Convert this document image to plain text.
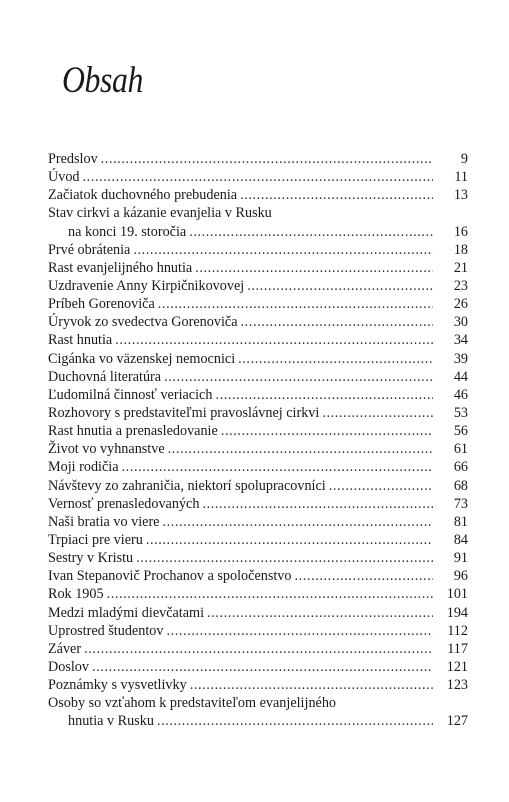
Obsah
Predslov .....	9
Úvod .....	11
Začiatok duchovného prebudenia .....	13
Stav cirkvi a kázanie evanjelia v Rusku
na konci 19. storočia .....	16
Prvé obrátenia .....	18
Rast evanjelijného hnutia .....	21
Uzdravenie Anny Kirpičnikovovej .....	23
Príbeh Gorenoviča .....	26
Úryvok zo svedectva Gorenoviča .....	30
Rast hnutia .....	34
Cigánka vo väzenskej nemocnici .....	39
Duchovná literatúra .....	44
Ľudomilná činnosť veriacich .....	46
Rozhovory s predstaviteľmi pravoslávnej cirkvi .....	53
Rast hnutia a prenasledovanie .....	56
Život vo vyhnanstve .....	61
Moji rodičia .....	66
Návštevy zo zahraničia, niektorí spolupracovníci .....	68
Vernosť prenasledovaných .....	73
Naši bratia vo viere .....	81
Trpiaci pre vieru .....	84
Sestry v Kristu .....	91
Ivan Stepanovič Prochanov a spoločenstvo .....	96
Rok 1905 .....	101
Medzi mladými dievčatami .....	194
Uprostred študentov .....	112
Záver .....	117
Doslov .....	121
Poznámky s vysvetlivky .....	123
Osoby so vzťahom k predstaviteľom evanjelijného
hnutia v Rusku .....	127
